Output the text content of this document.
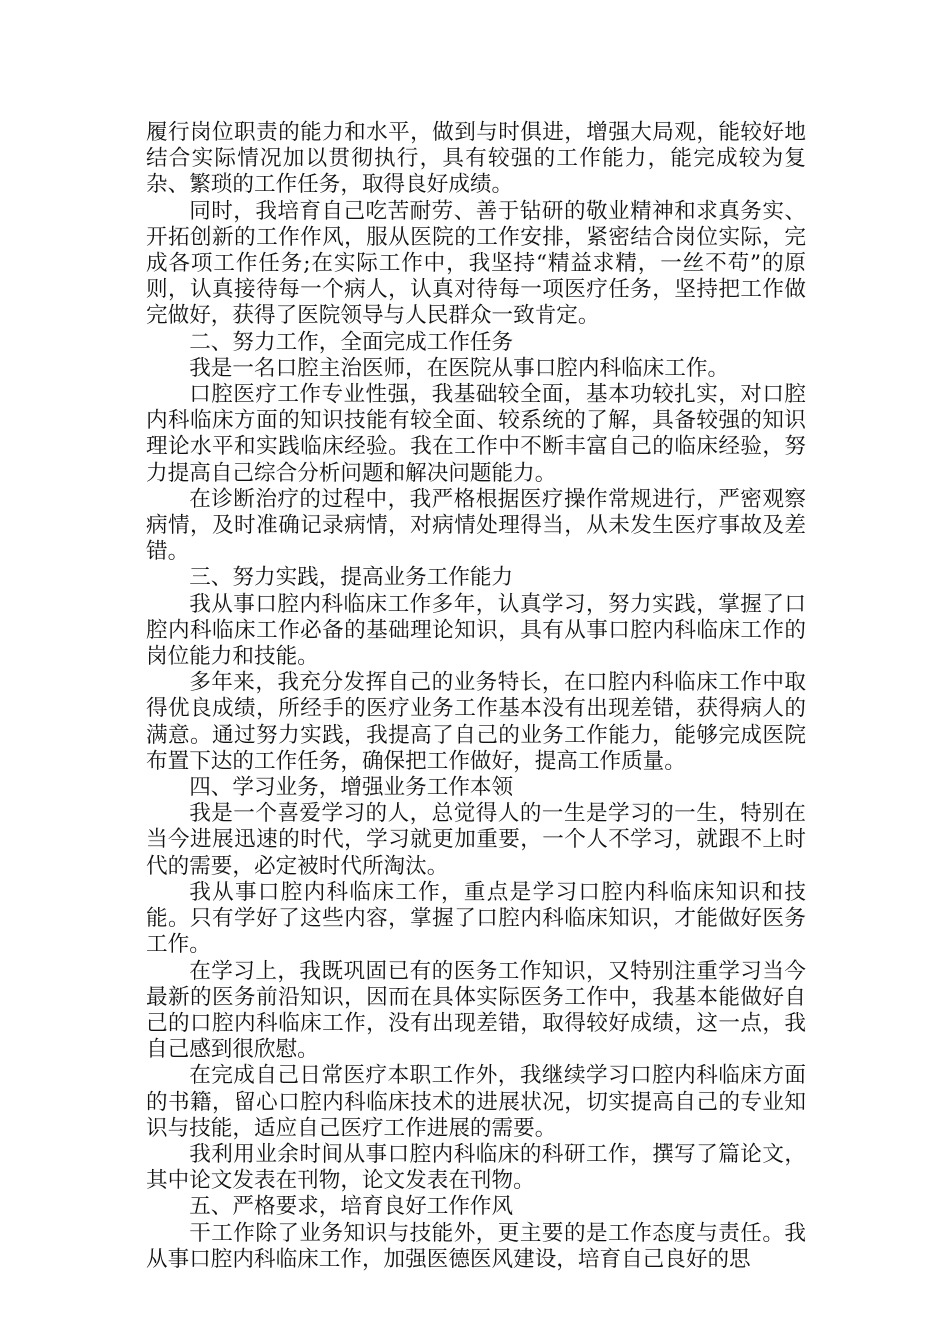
履行岗位职责的能力和水平，做到与时俱进，增强大局观，能较好地结合实际情况加以贯彻执行，具有较强的工作能力，能完成较为复杂、繁琐的工作任务，取得良好成绩。

同时，我培育自己吃苦耐劳、善于钻研的敬业精神和求真务实、开拓创新的工作作风，服从医院的工作安排，紧密结合岗位实际，完成各项工作任务;在实际工作中，我坚持“精益求精，一丝不苟”的原则，认真接待每一个病人，认真对待每一项医疗任务，坚持把工作做完做好，获得了医院领导与人民群众一致肯定。

二、努力工作，全面完成工作任务

我是一名口腔主治医师，在医院从事口腔内科临床工作。

口腔医疗工作专业性强，我基础较全面，基本功较扎实，对口腔内科临床方面的知识技能有较全面、较系统的了解，具备较强的知识理论水平和实践临床经验。我在工作中不断丰富自己的临床经验，努力提高自己综合分析问题和解决问题能力。

在诊断治疗的过程中，我严格根据医疗操作常规进行，严密观察病情，及时准确记录病情，对病情处理得当，从未发生医疗事故及差错。

三、努力实践，提高业务工作能力

我从事口腔内科临床工作多年，认真学习，努力实践，掌握了口腔内科临床工作必备的基础理论知识，具有从事口腔内科临床工作的岗位能力和技能。

多年来，我充分发挥自己的业务特长，在口腔内科临床工作中取得优良成绩，所经手的医疗业务工作基本没有出现差错，获得病人的满意。通过努力实践，我提高了自己的业务工作能力，能够完成医院布置下达的工作任务，确保把工作做好，提高工作质量。

四、学习业务，增强业务工作本领

我是一个喜爱学习的人，总觉得人的一生是学习的一生，特别在当今进展迅速的时代，学习就更加重要，一个人不学习，就跟不上时代的需要，必定被时代所淘汰。

我从事口腔内科临床工作，重点是学习口腔内科临床知识和技能。只有学好了这些内容，掌握了口腔内科临床知识，才能做好医务工作。

在学习上，我既巩固已有的医务工作知识，又特别注重学习当今最新的医务前沿知识，因而在具体实际医务工作中，我基本能做好自己的口腔内科临床工作，没有出现差错，取得较好成绩，这一点，我自己感到很欣慰。

在完成自己日常医疗本职工作外，我继续学习口腔内科临床方面的书籍，留心口腔内科临床技术的进展状况，切实提高自己的专业知识与技能，适应自己医疗工作进展的需要。

我利用业余时间从事口腔内科临床的科研工作，撰写了篇论文，其中论文发表在刊物，论文发表在刊物。

五、严格要求，培育良好工作作风

干工作除了业务知识与技能外，更主要的是工作态度与责任。我从事口腔内科临床工作，加强医德医风建设，培育自己良好的思
